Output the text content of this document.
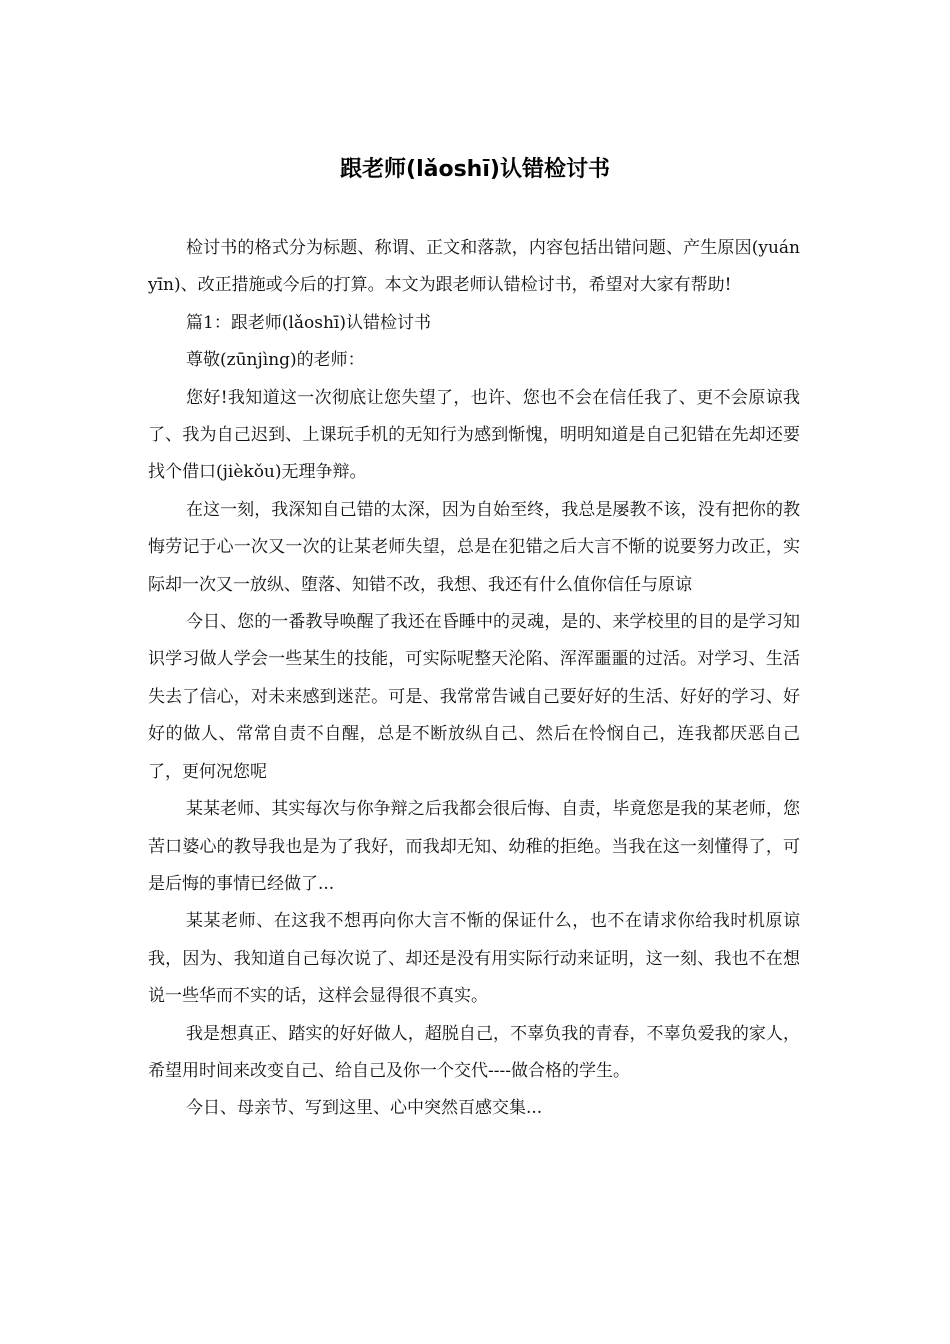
跟老师(lǎoshī)认错检讨书

检讨书的格式分为标题、称谓、正文和落款，内容包括出错问题、产生原因(yuányīn)、改正措施或今后的打算。本文为跟老师认错检讨书，希望对大家有帮助!

篇1：跟老师(lǎoshī)认错检讨书

尊敬(zūnjìng)的老师：

您好!我知道这一次彻底让您失望了，也许、您也不会在信任我了、更不会原谅我了、我为自己迟到、上课玩手机的无知行为感到惭愧，明明知道是自己犯错在先却还要找个借口(jièkǒu)无理争辩。

在这一刻，我深知自己错的太深，因为自始至终，我总是屡教不该，没有把你的教悔劳记于心一次又一次的让某老师失望，总是在犯错之后大言不惭的说要努力改正，实际却一次又一放纵、堕落、知错不改，我想、我还有什么值你信任与原谅

今日、您的一番教导唤醒了我还在昏睡中的灵魂，是的、来学校里的目的是学习知识学习做人学会一些某生的技能，可实际呢整天沦陷、浑浑噩噩的过活。对学习、生活失去了信心，对未来感到迷茫。可是、我常常告诫自己要好好的生活、好好的学习、好好的做人、常常自责不自醒，总是不断放纵自己、然后在怜悯自己，连我都厌恶自己了，更何况您呢

某某老师、其实每次与你争辩之后我都会很后悔、自责，毕竟您是我的某老师，您苦口婆心的教导我也是为了我好，而我却无知、幼稚的拒绝。当我在这一刻懂得了，可是后悔的事情已经做了...

某某老师、在这我不想再向你大言不惭的保证什么，也不在请求你给我时机原谅我，因为、我知道自己每次说了、却还是没有用实际行动来证明，这一刻、我也不在想说一些华而不实的话，这样会显得很不真实。

我是想真正、踏实的好好做人，超脱自己，不辜负我的青春，不辜负爱我的家人，希望用时间来改变自己、给自己及你一个交代----做合格的学生。

今日、母亲节、写到这里、心中突然百感交集...
